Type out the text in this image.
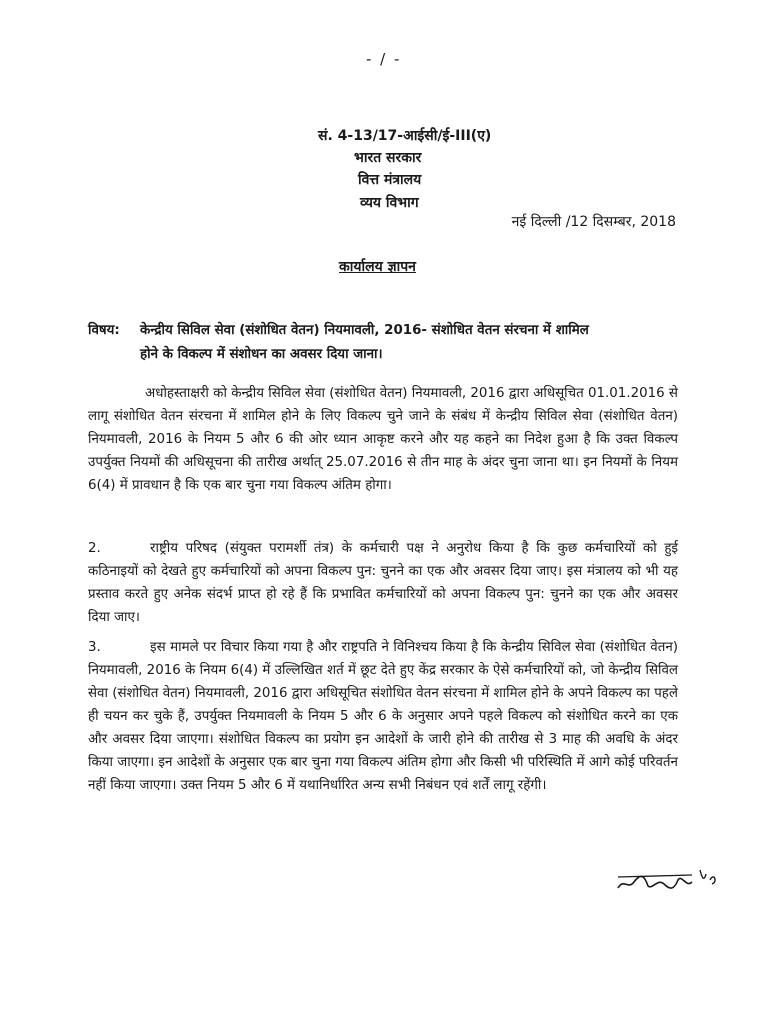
- / -
सं. 4-13/17-आईसी/ई-III(ए)
भारत सरकार
वित्त मंत्रालय
व्यय विभाग
नई दिल्ली /12 दिसम्बर, 2018
कार्यालय ज्ञापन
विषय: केन्द्रीय सिविल सेवा (संशोधित वेतन) नियमावली, 2016- संशोधित वेतन संरचना में शामिल
होने के विकल्प में संशोधन का अवसर दिया जाना।
अधोहस्ताक्षरी को केन्द्रीय सिविल सेवा (संशोधित वेतन) नियमावली, 2016 द्वारा अधिसूचित 01.01.2016 से लागू संशोधित वेतन संरचना में शामिल होने के लिए विकल्प चुने जाने के संबंध में केन्द्रीय सिविल सेवा (संशोधित वेतन) नियमावली, 2016 के नियम 5 और 6 की ओर ध्यान आकृष्ट करने और यह कहने का निदेश हुआ है कि उक्त विकल्प उपर्युक्त नियमों की अधिसूचना की तारीख अर्थात् 25.07.2016 से तीन माह के अंदर चुना जाना था। इन नियमों के नियम 6(4) में प्रावधान है कि एक बार चुना गया विकल्प अंतिम होगा।
2.	राष्ट्रीय परिषद (संयुक्त परामर्शी तंत्र) के कर्मचारी पक्ष ने अनुरोध किया है कि कुछ कर्मचारियों को हुई कठिनाइयों को देखते हुए कर्मचारियों को अपना विकल्प पुन: चुनने का एक और अवसर दिया जाए। इस मंत्रालय को भी यह प्रस्ताव करते हुए अनेक संदर्भ प्राप्त हो रहे हैं कि प्रभावित कर्मचारियों को अपना विकल्प पुन: चुनने का एक और अवसर दिया जाए।
3.	इस मामले पर विचार किया गया है और राष्ट्रपति ने विनिश्चय किया है कि केन्द्रीय सिविल सेवा (संशोधित वेतन) नियमावली, 2016 के नियम 6(4) में उल्लिखित शर्त में छूट देते हुए केंद्र सरकार के ऐसे कर्मचारियों को, जो केन्द्रीय सिविल सेवा (संशोधित वेतन) नियमावली, 2016 द्वारा अधिसूचित संशोधित वेतन संरचना में शामिल होने के अपने विकल्प का पहले ही चयन कर चुके हैं, उपर्युक्त नियमावली के नियम 5 और 6 के अनुसार अपने पहले विकल्प को संशोधित करने का एक और अवसर दिया जाएगा। संशोधित विकल्प का प्रयोग इन आदेशों के जारी होने की तारीख से 3 माह की अवधि के अंदर किया जाएगा। इन आदेशों के अनुसार एक बार चुना गया विकल्प अंतिम होगा और किसी भी परिस्थिति में आगे कोई परिवर्तन नहीं किया जाएगा। उक्त नियम 5 और 6 में यथानिर्धारित अन्य सभी निबंधन एवं शर्तें लागू रहेंगी।
